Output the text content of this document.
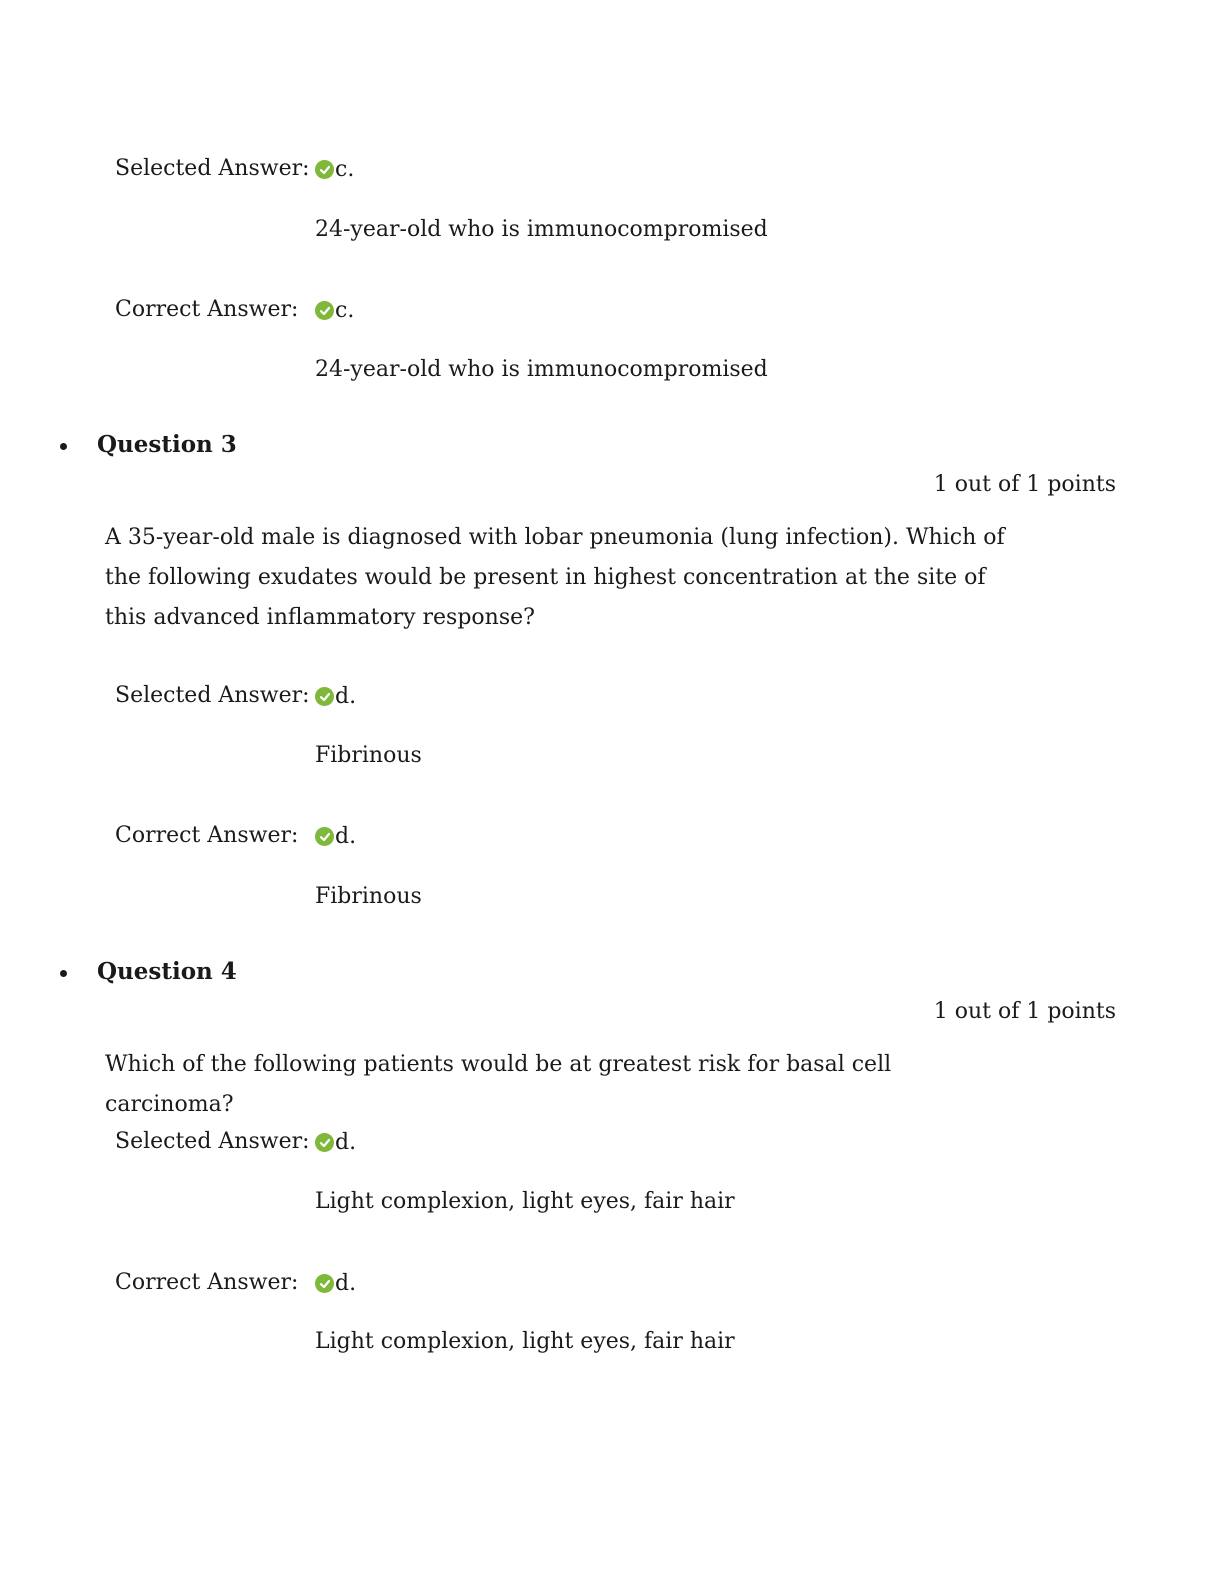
Selected Answer: c.
24-year-old who is immunocompromised
Correct Answer: c.
24-year-old who is immunocompromised
Question 3
1 out of 1 points
A 35-year-old male is diagnosed with lobar pneumonia (lung infection). Which of the following exudates would be present in highest concentration at the site of this advanced inflammatory response?
Selected Answer: d.
Fibrinous
Correct Answer: d.
Fibrinous
Question 4
1 out of 1 points
Which of the following patients would be at greatest risk for basal cell carcinoma?
Selected Answer: d.
Light complexion, light eyes, fair hair
Correct Answer: d.
Light complexion, light eyes, fair hair
